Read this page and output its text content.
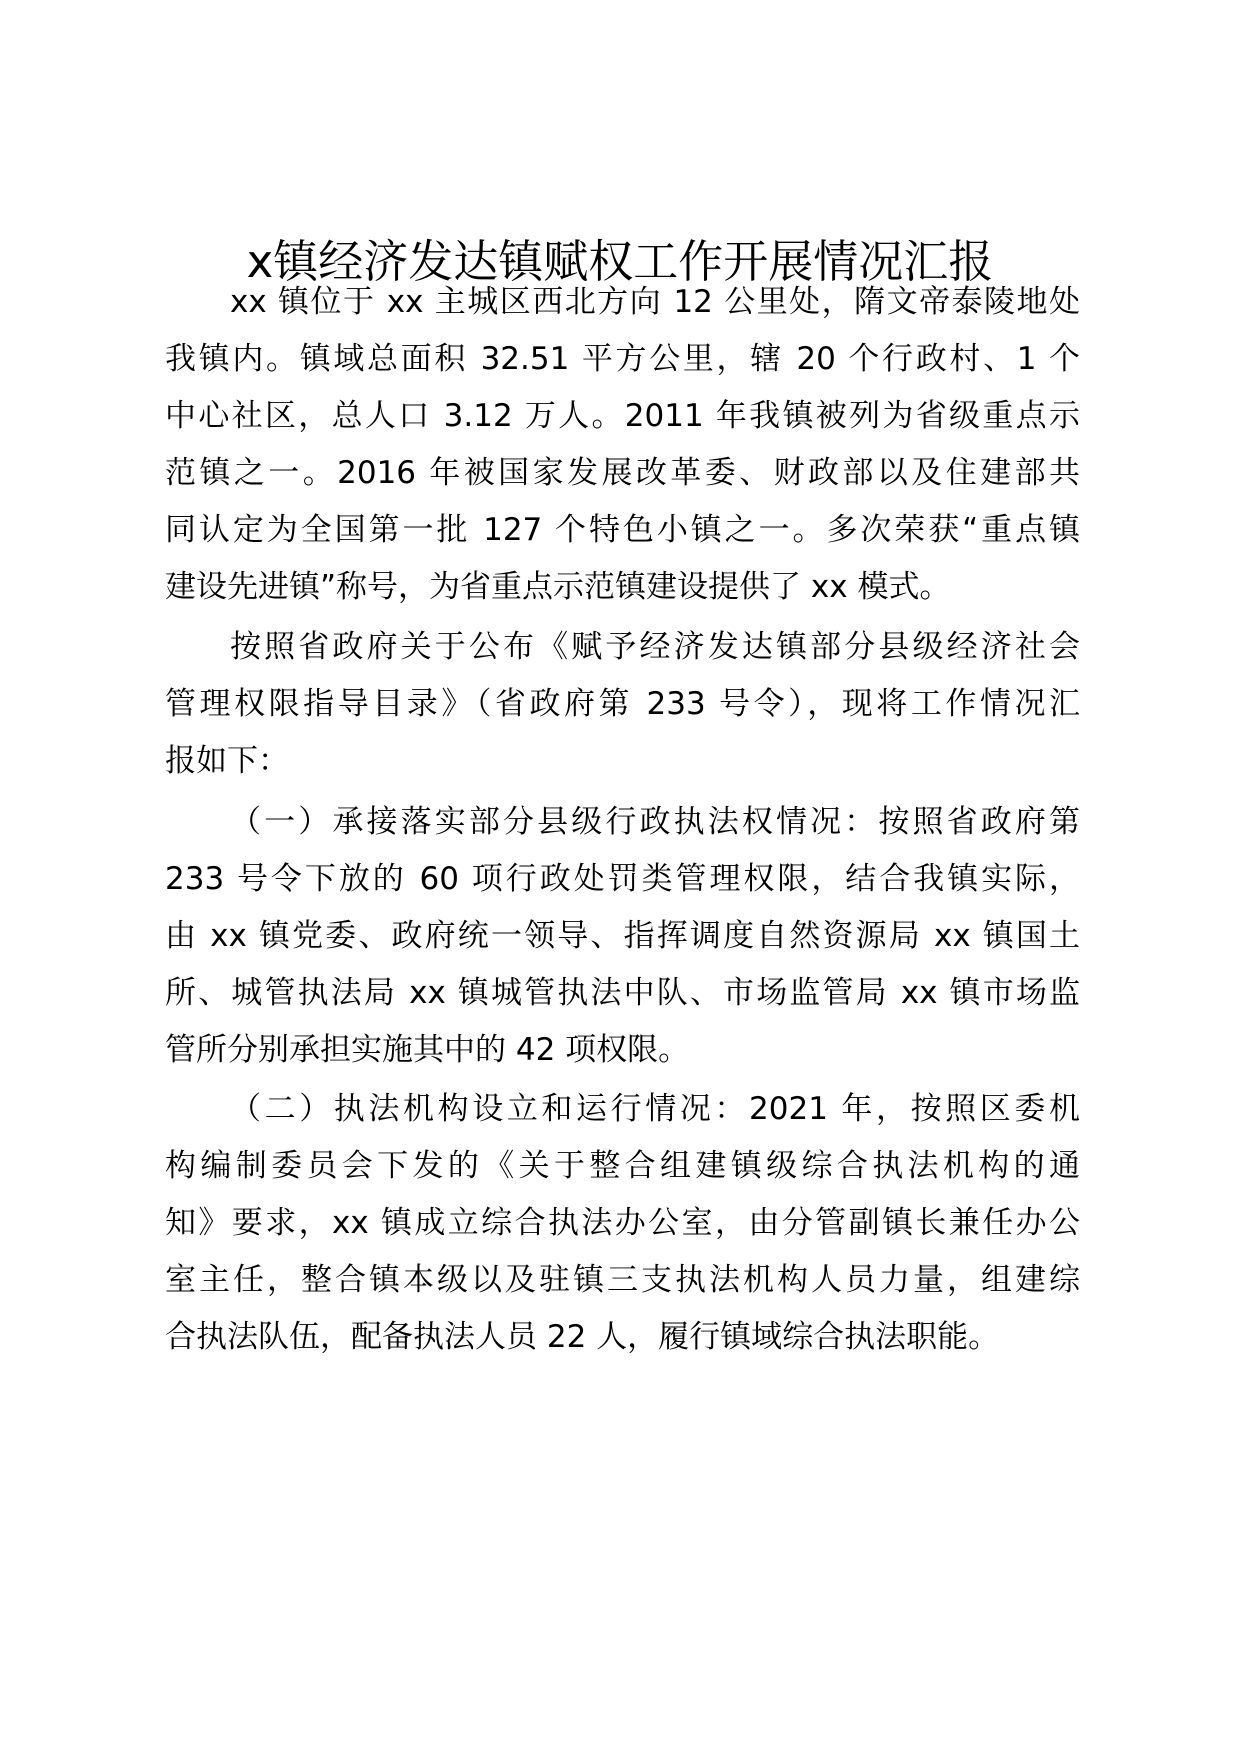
x镇经济发达镇赋权工作开展情况汇报
xx 镇位于 xx 主城区西北方向 12 公里处，隋文帝泰陵地处
我镇内。镇域总面积 32.51 平方公里，辖 20 个行政村、1 个
中心社区，总人口 3.12 万人。2011 年我镇被列为省级重点示
范镇之一。2016 年被国家发展改革委、财政部以及住建部共
同认定为全国第一批 127 个特色小镇之一。多次荣获“重点镇
建设先进镇”称号，为省重点示范镇建设提供了 xx 模式。
按照省政府关于公布《赋予经济发达镇部分县级经济社会
管理权限指导目录》（省政府第 233 号令），现将工作情况汇
报如下：
（一）承接落实部分县级行政执法权情况：按照省政府第
233 号令下放的 60 项行政处罚类管理权限，结合我镇实际，
由 xx 镇党委、政府统一领导、指挥调度自然资源局 xx 镇国土
所、城管执法局 xx 镇城管执法中队、市场监管局 xx 镇市场监
管所分别承担实施其中的 42 项权限。
（二）执法机构设立和运行情况：2021 年，按照区委机
构编制委员会下发的《关于整合组建镇级综合执法机构的通
知》要求，xx 镇成立综合执法办公室，由分管副镇长兼任办公
室主任，整合镇本级以及驻镇三支执法机构人员力量，组建综
合执法队伍，配备执法人员 22 人，履行镇域综合执法职能。
